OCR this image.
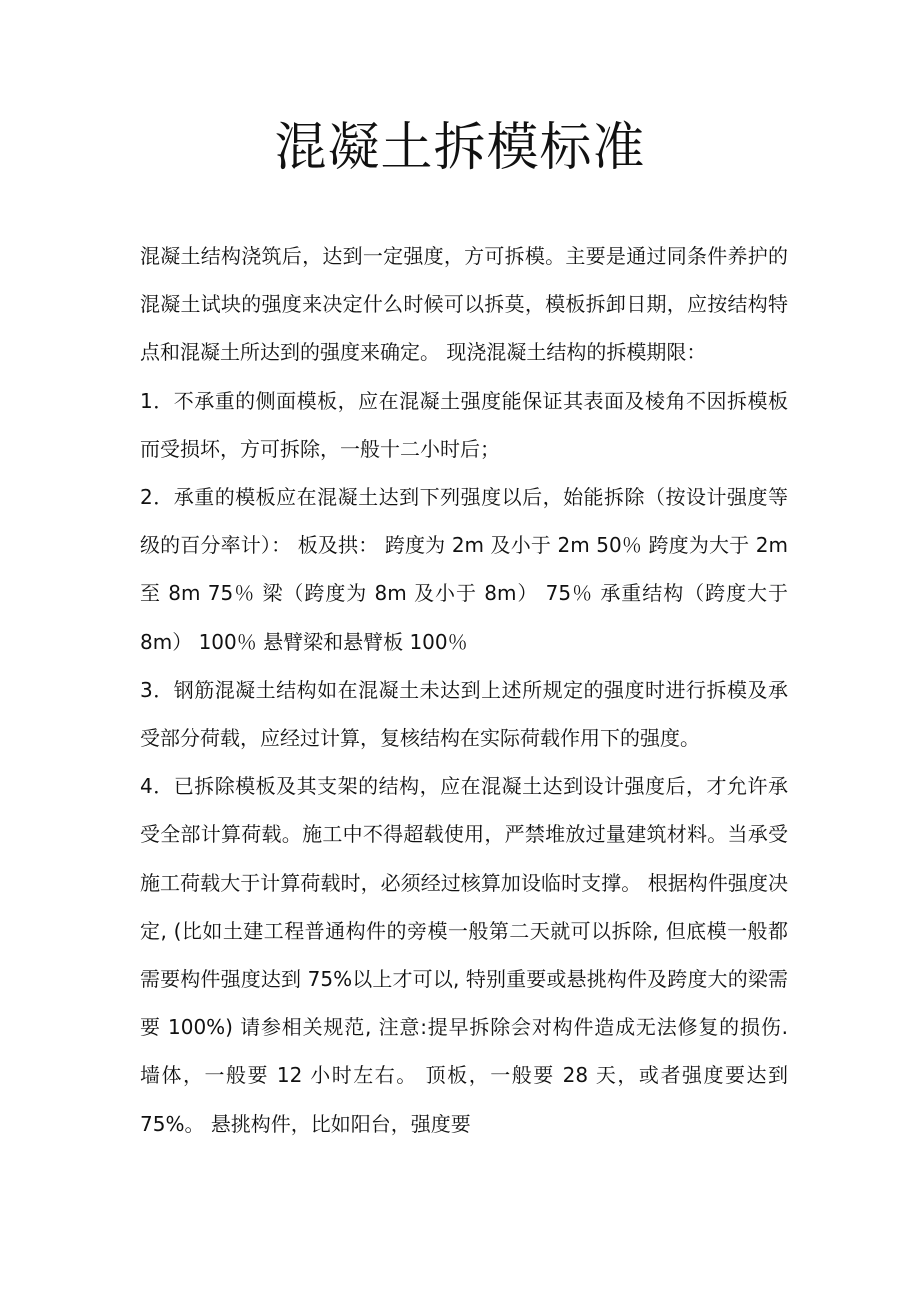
混凝土拆模标准

混凝土结构浇筑后，达到一定强度，方可拆模。主要是通过同条件养护的混凝土试块的强度来决定什么时候可以拆莫，模板拆卸日期，应按结构特点和混凝土所达到的强度来确定。 现浇混凝土结构的拆模期限：

1．不承重的侧面模板，应在混凝土强度能保证其表面及棱角不因拆模板而受损坏，方可拆除，一般十二小时后；

2．承重的模板应在混凝土达到下列强度以后，始能拆除（按设计强度等级的百分率计）： 板及拱： 跨度为 2m 及小于 2m 50％ 跨度为大于 2m 至 8m 75％ 梁（跨度为 8m 及小于 8m） 75％ 承重结构（跨度大于 8m） 100％ 悬臂梁和悬臂板 100％

3．钢筋混凝土结构如在混凝土未达到上述所规定的强度时进行拆模及承受部分荷载，应经过计算，复核结构在实际荷载作用下的强度。

4．已拆除模板及其支架的结构，应在混凝土达到设计强度后，才允许承受全部计算荷载。施工中不得超载使用，严禁堆放过量建筑材料。当承受施工荷载大于计算荷载时，必须经过核算加设临时支撑。 根据构件强度决定, (比如土建工程普通构件的旁模一般第二天就可以拆除, 但底模一般都需要构件强度达到 75%以上才可以, 特别重要或悬挑构件及跨度大的梁需要 100%) 请参相关规范, 注意:提早拆除会对构件造成无法修复的损伤. 墙体，一般要 12 小时左右。 顶板，一般要 28 天，或者强度要达到 75%。 悬挑构件，比如阳台，强度要
